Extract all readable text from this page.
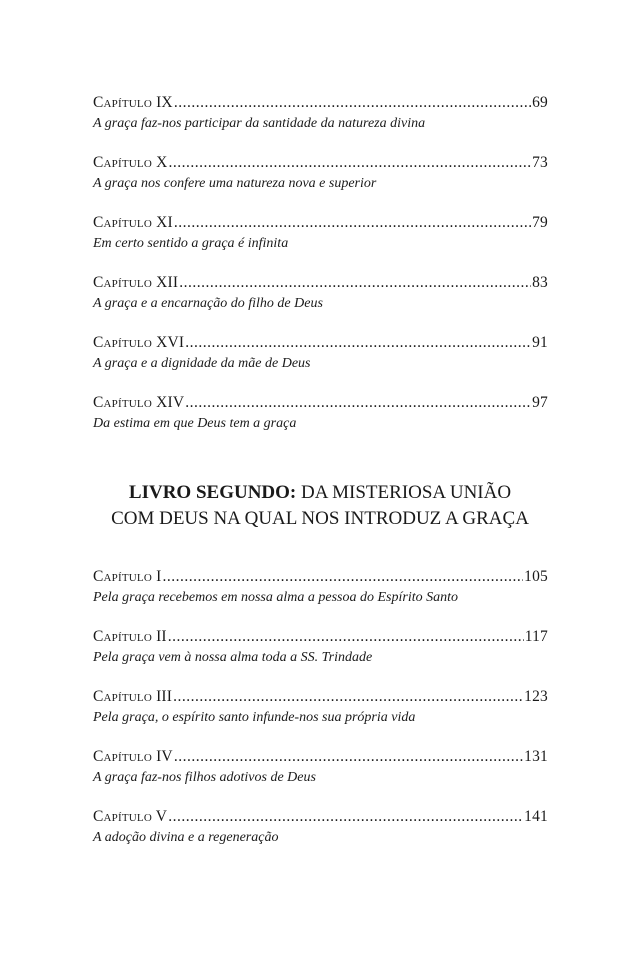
Capítulo IX .....	69
A graça faz-nos participar da santidade da natureza divina
Capítulo X .....	73
A graça nos confere uma natureza nova e superior
Capítulo XI .....	79
Em certo sentido a graça é infinita
Capítulo XII .....	83
A graça e a encarnação do filho de Deus
Capítulo XVI .....	91
A graça e a dignidade da mãe de Deus
Capítulo XIV .....	97
Da estima em que Deus tem a graça
LIVRO SEGUNDO: DA MISTERIOSA UNIÃO
COM DEUS NA QUAL NOS INTRODUZ A GRAÇA
Capítulo I .....	105
Pela graça recebemos em nossa alma a pessoa do Espírito Santo
Capítulo II .....	117
Pela graça vem à nossa alma toda a SS. Trindade
Capítulo III .....	123
Pela graça, o espírito santo infunde-nos sua própria vida
Capítulo IV .....	131
A graça faz-nos filhos adotivos de Deus
Capítulo V .....	141
A adoção divina e a regeneração
